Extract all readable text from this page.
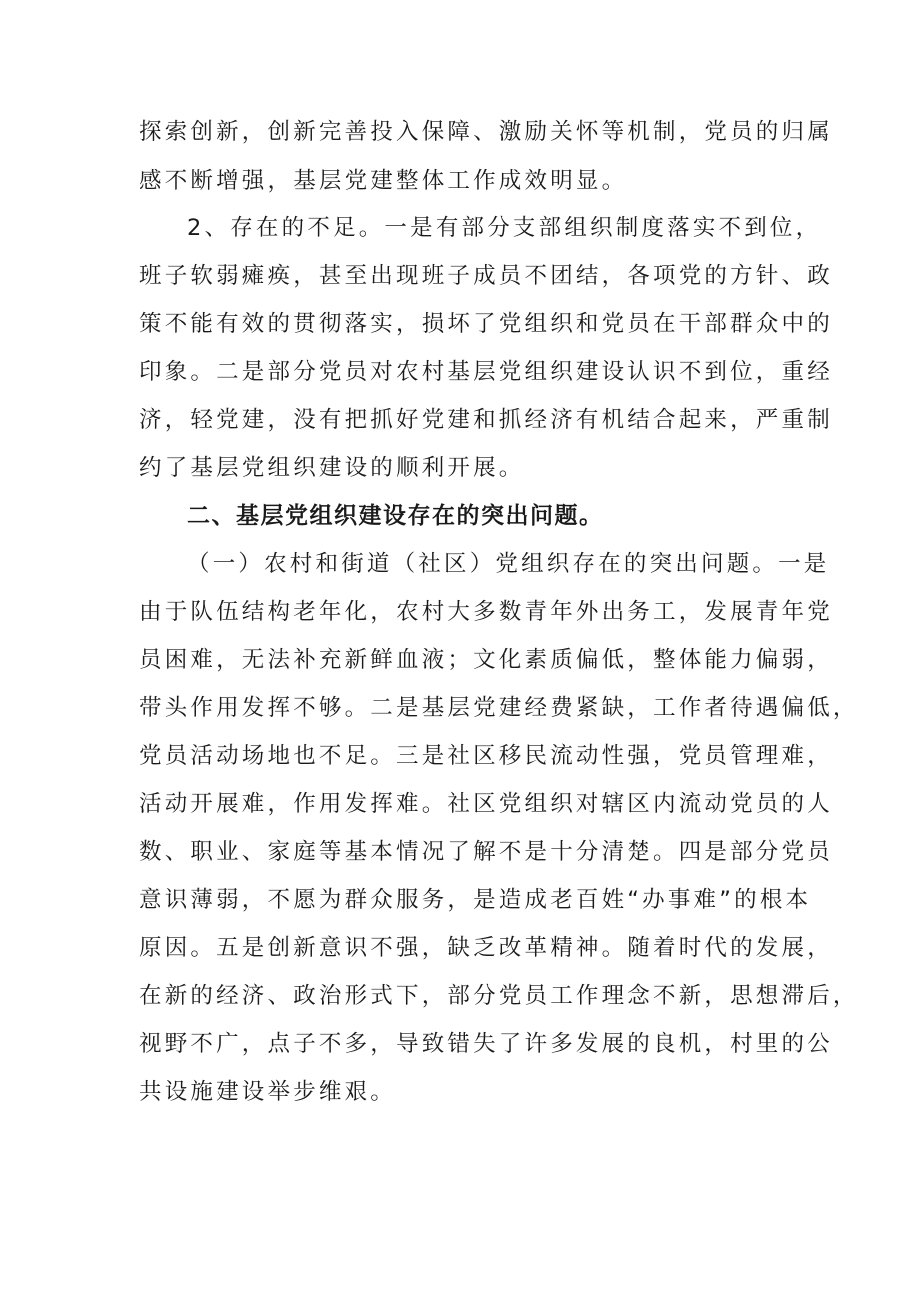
探索创新，创新完善投入保障、激励关怀等机制，党员的归属
感不断增强，基层党建整体工作成效明显。
2、存在的不足。一是有部分支部组织制度落实不到位，
班子软弱瘫痪，甚至出现班子成员不团结，各项党的方针、政
策不能有效的贯彻落实，损坏了党组织和党员在干部群众中的
印象。二是部分党员对农村基层党组织建设认识不到位，重经
济，轻党建，没有把抓好党建和抓经济有机结合起来，严重制
约了基层党组织建设的顺利开展。
二、基层党组织建设存在的突出问题。
（一）农村和街道（社区）党组织存在的突出问题。一是
由于队伍结构老年化，农村大多数青年外出务工，发展青年党
员困难，无法补充新鲜血液；文化素质偏低，整体能力偏弱，
带头作用发挥不够。二是基层党建经费紧缺，工作者待遇偏低，
党员活动场地也不足。三是社区移民流动性强，党员管理难，
活动开展难，作用发挥难。社区党组织对辖区内流动党员的人
数、职业、家庭等基本情况了解不是十分清楚。四是部分党员
意识薄弱，不愿为群众服务，是造成老百姓“办事难”的根本
原因。五是创新意识不强，缺乏改革精神。随着时代的发展，
在新的经济、政治形式下，部分党员工作理念不新，思想滞后，
视野不广，点子不多，导致错失了许多发展的良机，村里的公
共设施建设举步维艰。
